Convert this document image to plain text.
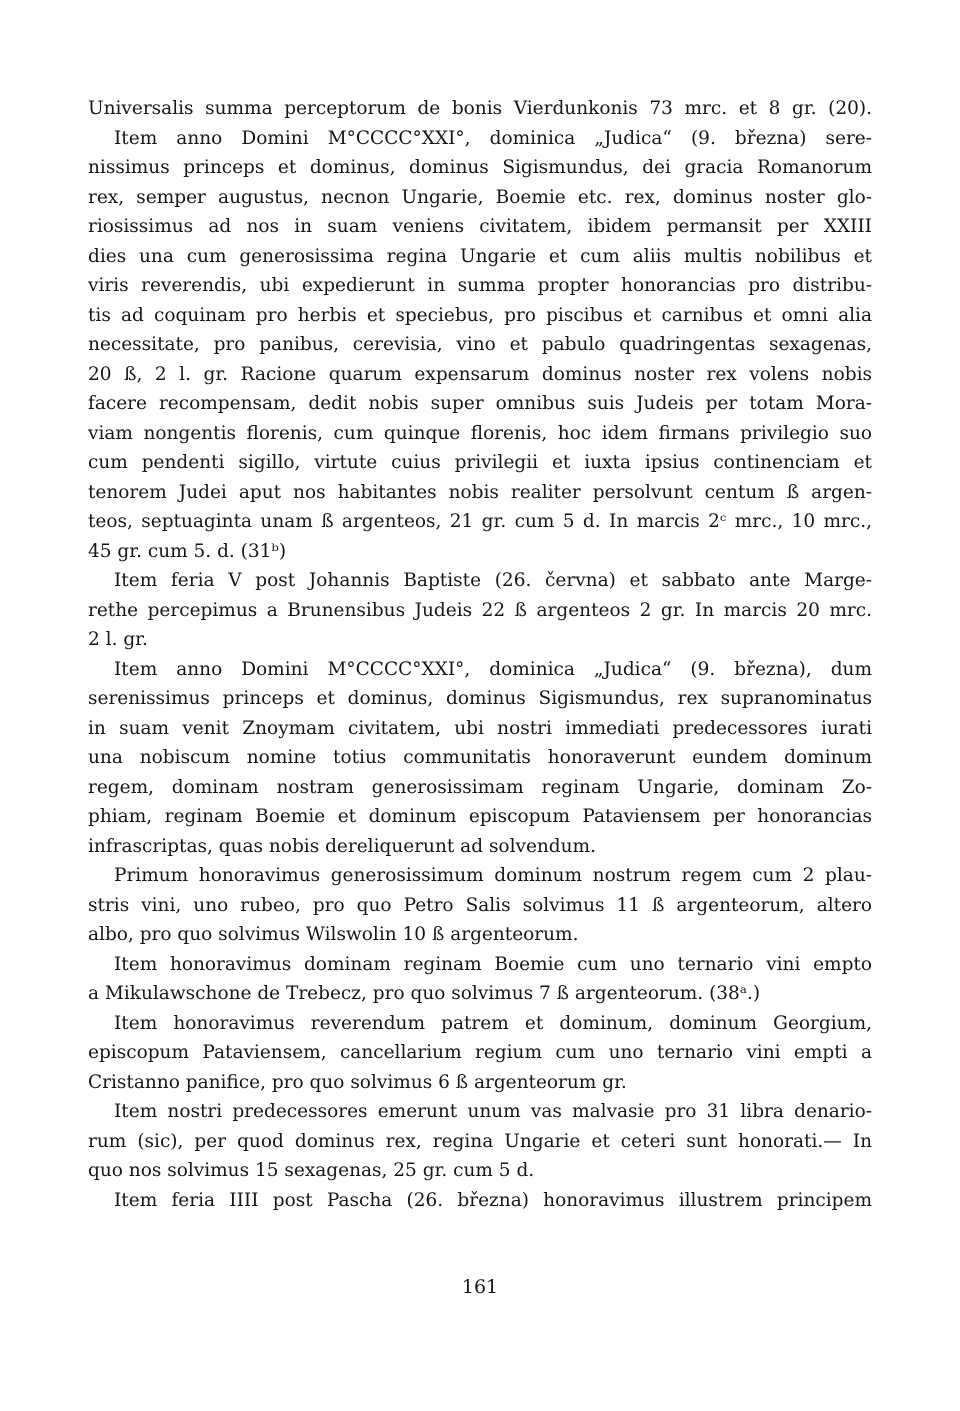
Universalis summa perceptorum de bonis Vierdunkonis 73 mrc. et 8 gr. (20).
Item anno Domini M°CCCC°XXI°, dominica „Judica“ (9. března) sere-
nissimus princeps et dominus, dominus Sigismundus, dei gracia Romanorum
rex, semper augustus, necnon Ungarie, Boemie etc. rex, dominus noster glo-
riosissimus ad nos in suam veniens civitatem, ibidem permansit per XXIII
dies una cum generosissima regina Ungarie et cum aliis multis nobilibus et
viris reverendis, ubi expedierunt in summa propter honorancias pro distribu-
tis ad coquinam pro herbis et speciebus, pro piscibus et carnibus et omni alia
necessitate, pro panibus, cerevisia, vino et pabulo quadringentas sexagenas,
20 ß, 2 l. gr. Racione quarum expensarum dominus noster rex volens nobis
facere recompensam, dedit nobis super omnibus suis Judeis per totam Mora-
viam nongentis florenis, cum quinque florenis, hoc idem firmans privilegio suo
cum pendenti sigillo, virtute cuius privilegii et iuxta ipsius continenciam et
tenorem Judei aput nos habitantes nobis realiter persolvunt centum ß argen-
teos, septuaginta unam ß argenteos, 21 gr. cum 5 d. In marcis 2ᶜ mrc., 10 mrc.,
45 gr. cum 5. d. (31ᵇ)
Item feria V post Johannis Baptiste (26. června) et sabbato ante Marge-
rethe percepimus a Brunensibus Judeis 22 ß argenteos 2 gr. In marcis 20 mrc.
2 l. gr.
Item anno Domini M°CCCC°XXI°, dominica „Judica“ (9. března), dum
serenissimus princeps et dominus, dominus Sigismundus, rex supranominatus
in suam venit Znoymam civitatem, ubi nostri immediati predecessores iurati
una nobiscum nomine totius communitatis honoraverunt eundem dominum
regem, dominam nostram generosissimam reginam Ungarie, dominam Zo-
phiam, reginam Boemie et dominum episcopum Pataviensem per honorancias
infrascriptas, quas nobis dereliquerunt ad solvendum.
Primum honoravimus generosissimum dominum nostrum regem cum 2 plau-
stris vini, uno rubeo, pro quo Petro Salis solvimus 11 ß argenteorum, altero
albo, pro quo solvimus Wilswolin 10 ß argenteorum.
Item honoravimus dominam reginam Boemie cum uno ternario vini empto
a Mikulawschone de Trebecz, pro quo solvimus 7 ß argenteorum. (38ᵃ.)
Item honoravimus reverendum patrem et dominum, dominum Georgium,
episcopum Pataviensem, cancellarium regium cum uno ternario vini empti a
Cristanno panifice, pro quo solvimus 6 ß argenteorum gr.
Item nostri predecessores emerunt unum vas malvasie pro 31 libra denario-
rum (sic), per quod dominus rex, regina Ungarie et ceteri sunt honorati.— In
quo nos solvimus 15 sexagenas, 25 gr. cum 5 d.
Item feria IIII post Pascha (26. března) honoravimus illustrem principem
161
